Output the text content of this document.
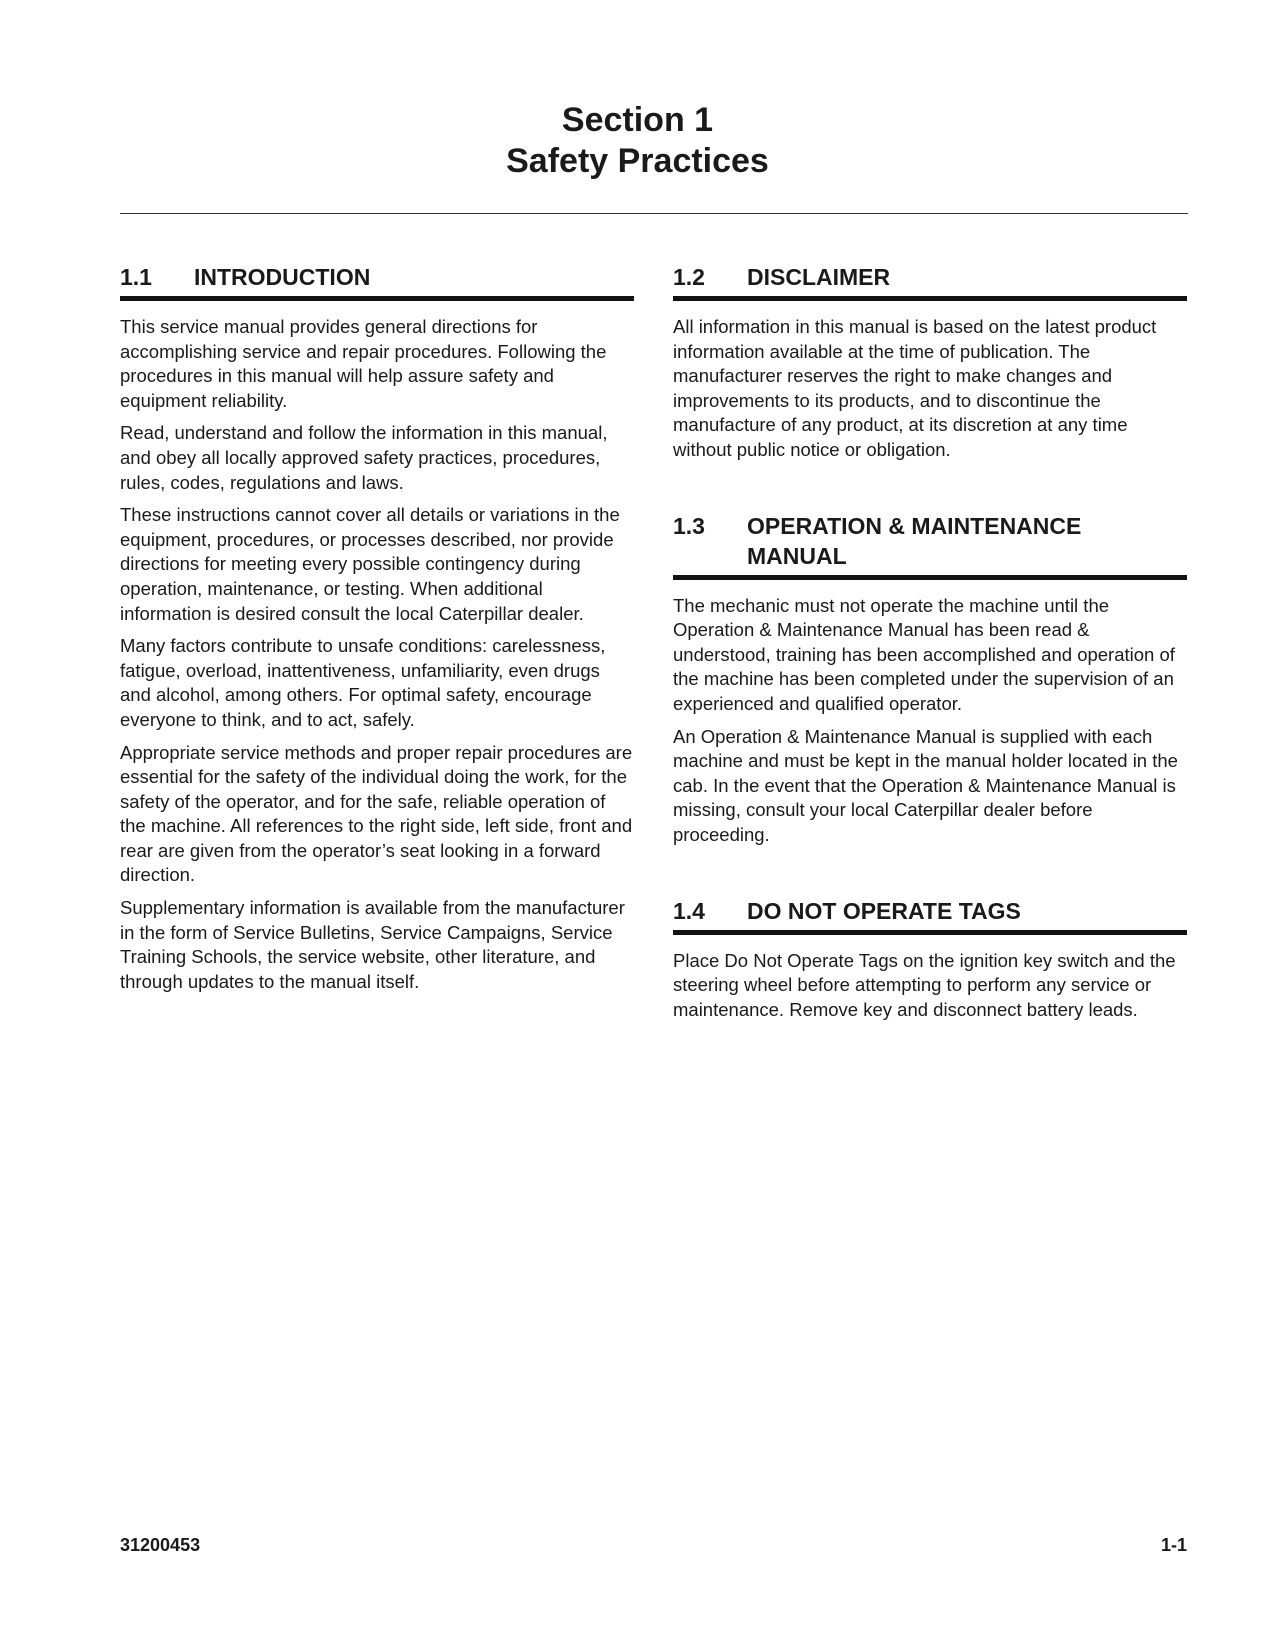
Section 1
Safety Practices
1.1	INTRODUCTION

This service manual provides general directions for accomplishing service and repair procedures. Following the procedures in this manual will help assure safety and equipment reliability.

Read, understand and follow the information in this manual, and obey all locally approved safety practices, procedures, rules, codes, regulations and laws.

These instructions cannot cover all details or variations in the equipment, procedures, or processes described, nor provide directions for meeting every possible contingency during operation, maintenance, or testing. When additional information is desired consult the local Caterpillar dealer.

Many factors contribute to unsafe conditions: carelessness, fatigue, overload, inattentiveness, unfamiliarity, even drugs and alcohol, among others. For optimal safety, encourage everyone to think, and to act, safely.

Appropriate service methods and proper repair procedures are essential for the safety of the individual doing the work, for the safety of the operator, and for the safe, reliable operation of the machine. All references to the right side, left side, front and rear are given from the operator’s seat looking in a forward direction.

Supplementary information is available from the manufacturer in the form of Service Bulletins, Service Campaigns, Service Training Schools, the service website, other literature, and through updates to the manual itself.

1.2	DISCLAIMER

All information in this manual is based on the latest product information available at the time of publication. The manufacturer reserves the right to make changes and improvements to its products, and to discontinue the manufacture of any product, at its discretion at any time without public notice or obligation.

1.3	OPERATION & MAINTENANCE MANUAL

The mechanic must not operate the machine until the Operation & Maintenance Manual has been read & understood, training has been accomplished and operation of the machine has been completed under the supervision of an experienced and qualified operator.

An Operation & Maintenance Manual is supplied with each machine and must be kept in the manual holder located in the cab. In the event that the Operation & Maintenance Manual is missing, consult your local Caterpillar dealer before proceeding.

1.4	DO NOT OPERATE TAGS

Place Do Not Operate Tags on the ignition key switch and the steering wheel before attempting to perform any service or maintenance. Remove key and disconnect battery leads.

31200453	1-1
